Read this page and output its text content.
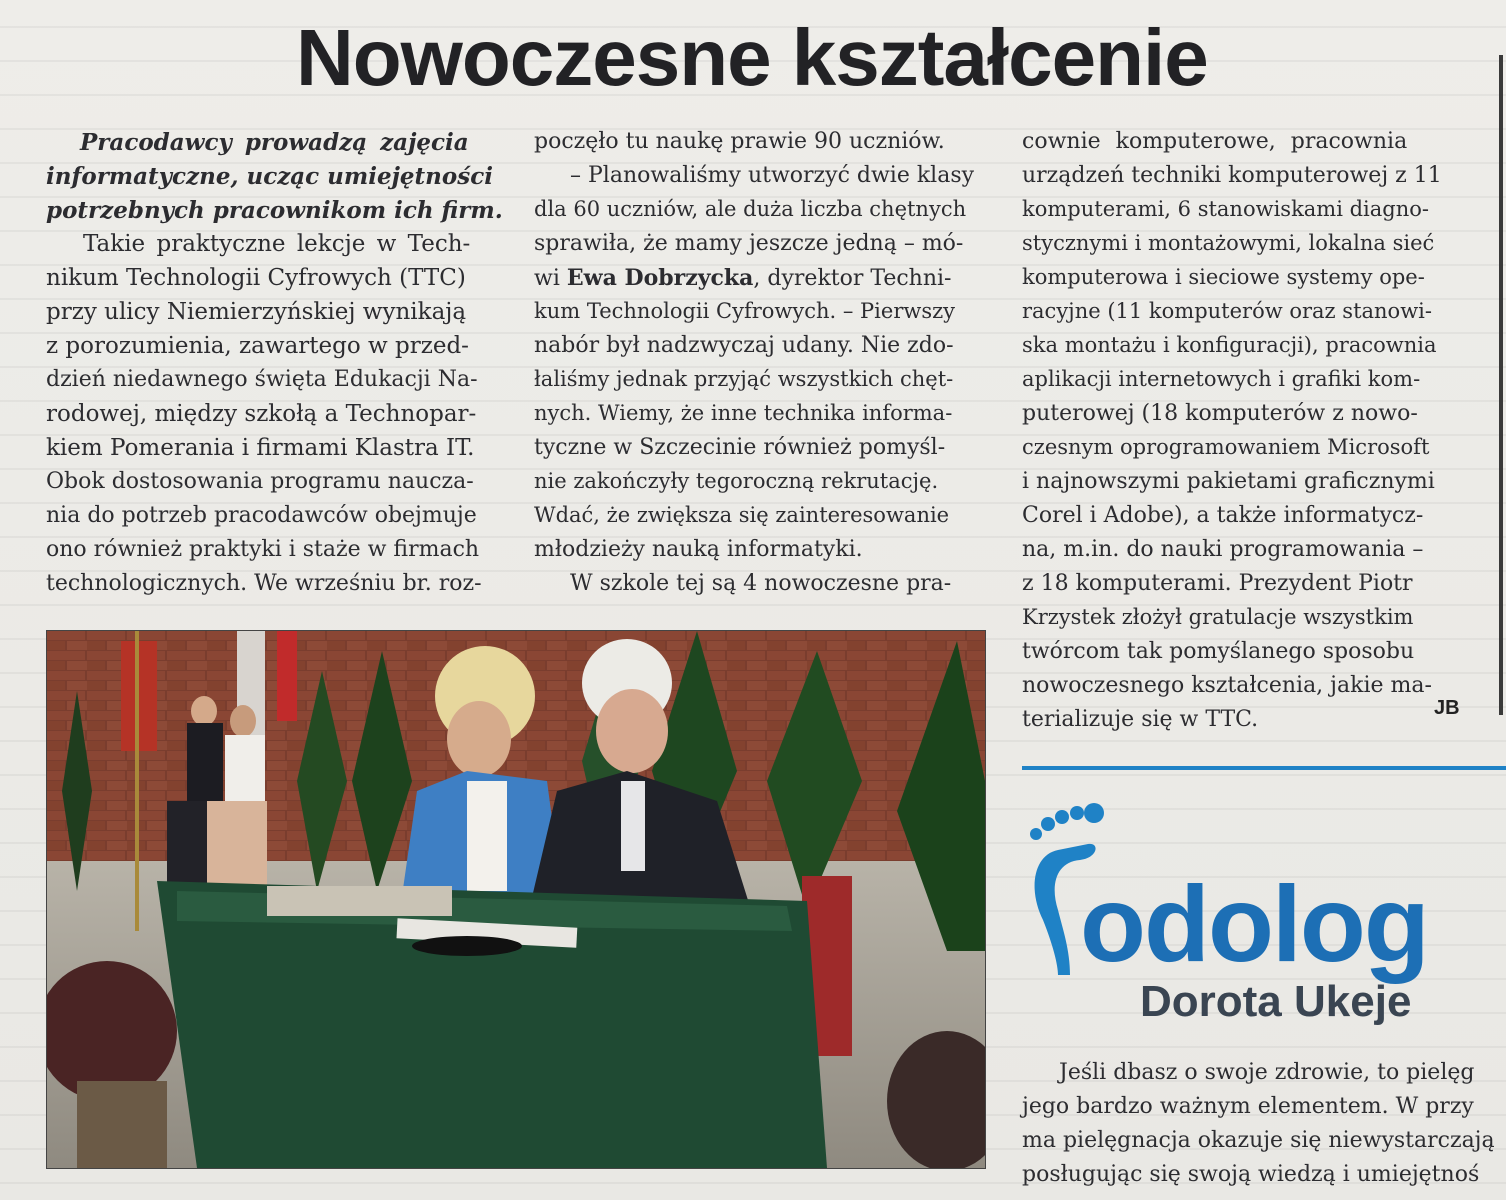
Nowoczesne kształcenie
Pracodawcy prowadzą zajęcia
informatyczne, ucząc umiejętności
potrzebnych pracownikom ich firm.
Takie praktyczne lekcje w Tech-
nikum Technologii Cyfrowych (TTC)
przy ulicy Niemierzyńskiej wynikają
z porozumienia, zawartego w przed-
dzień niedawnego święta Edukacji Na-
rodowej, między szkołą a Technopar-
kiem Pomerania i firmami Klastra IT.
Obok dostosowania programu naucza-
nia do potrzeb pracodawców obejmuje
ono również praktyki i staże w firmach
technologicznych. We wrześniu br. roz-
poczęło tu naukę prawie 90 uczniów.
– Planowaliśmy utworzyć dwie klasy
dla 60 uczniów, ale duża liczba chętnych
sprawiła, że mamy jeszcze jedną – mó-
wi Ewa Dobrzycka, dyrektor Techni-
kum Technologii Cyfrowych. – Pierwszy
nabór był nadzwyczaj udany. Nie zdo-
łaliśmy jednak przyjąć wszystkich chęt-
nych. Wiemy, że inne technika informa-
tyczne w Szczecinie również pomyśl-
nie zakończyły tegoroczną rekrutację.
Wdać, że zwiększa się zainteresowanie
młodzieży nauką informatyki.
W szkole tej są 4 nowoczesne pra-
cownie komputerowe, pracownia
urządzeń techniki komputerowej z 11
komputerami, 6 stanowiskami diagno-
stycznymi i montażowymi, lokalna sieć
komputerowa i sieciowe systemy ope-
racyjne (11 komputerów oraz stanowi-
ska montażu i konfiguracji), pracownia
aplikacji internetowych i grafiki kom-
puterowej (18 komputerów z nowo-
czesnym oprogramowaniem Microsoft
i najnowszymi pakietami graficznymi
Corel i Adobe), a także informatycz-
na, m.in. do nauki programowania –
z 18 komputerami. Prezydent Piotr
Krzystek złożył gratulacje wszystkim
twórcom tak pomyślanego sposobu
nowoczesnego kształcenia, jakie ma-
terializuje się w TTC.	JB
odolog
Dorota Ukeje
Jeśli dbasz o swoje zdrowie, to pielęg
jego bardzo ważnym elementem. W przy
ma pielęgnacja okazuje się niewystarczają
posługując się swoją wiedzą i umiejętnoś
